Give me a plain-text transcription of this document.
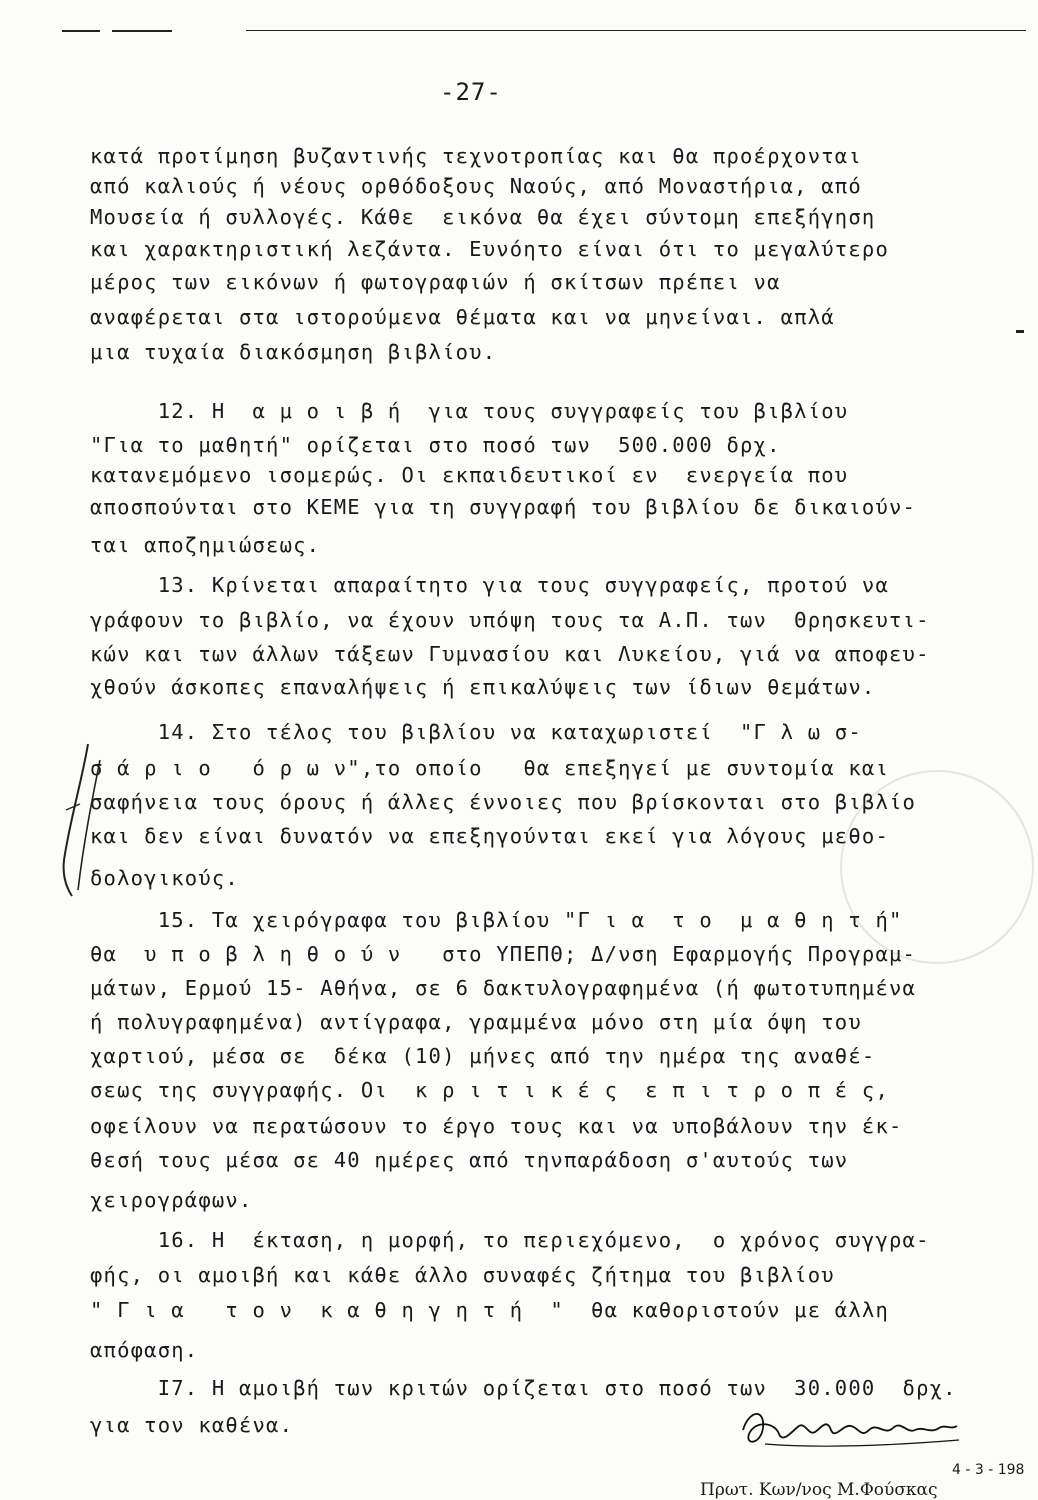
-27-
κατά προτίμηση βυζαντινής τεχνοτροπίας και θα προέρχονται
από καλιούς ή νέους ορθόδοξους Ναούς, από Μοναστήρια, από
Μουσεία ή συλλογές. Κάθε  εικόνα θα έχει σύντομη επεξήγηση
και χαρακτηριστική λεζάντα. Ευνόητο είναι ότι το μεγαλύτερο
μέρος των εικόνων ή φωτογραφιών ή σκίτσων πρέπει να
αναφέρεται στα ιστορούμενα θέματα και να μηνείναι. απλά
μια τυχαία διακόσμηση βιβλίου.
12. Η  α μ ο ι β ή  για τους συγγραφείς του βιβλίου
"Για το μαθητή" ορίζεται στο ποσό των  500.000 δρχ.
κατανεμόμενο ισομερώς. Οι εκπαιδευτικοί εν  ενεργεία που
αποσπούνται στο ΚΕΜΕ για τη συγγραφή του βιβλίου δε δικαιούν-
ται αποζημιώσεως.
13. Κρίνεται απαραίτητο για τους συγγραφείς, προτού να
γράφουν το βιβλίο, να έχουν υπόψη τους τα Α.Π. των  Θρησκευτι-
κών και των άλλων τάξεων Γυμνασίου και Λυκείου, γιά να αποφευ-
χθούν άσκοπες επαναλήψεις ή επικαλύψεις των ίδιων θεμάτων.
14. Στο τέλος του βιβλίου να καταχωριστεί  "Γ λ ω σ-
σ ά ρ ι ο   ό ρ ω ν",το οποίο   θα επεξηγεί με συντομία και
σαφήνεια τους όρους ή άλλες έννοιες που βρίσκονται στο βιβλίο
και δεν είναι δυνατόν να επεξηγούνται εκεί για λόγους μεθο-
δολογικούς.
15. Τα χειρόγραφα του βιβλίου "Γ ι α  τ ο  μ α θ η τ ή"
θα  υ π ο β λ η θ ο ύ ν   στο ΥΠΕΠΘ; Δ/νση Εφαρμογής Προγραμ-
μάτων, Ερμού 15- Αθήνα, σε 6 δακτυλογραφημένα (ή φωτοτυπημένα
ή πολυγραφημένα) αντίγραφα, γραμμένα μόνο στη μία όψη του
χαρτιού, μέσα σε  δέκα (10) μήνες από την ημέρα της αναθέ-
σεως της συγγραφής. Οι  κ ρ ι τ ι κ έ ς  ε π ι τ ρ ο π έ ς,
οφείλουν να περατώσουν το έργο τους και να υποβάλουν την έκ-
θεσή τους μέσα σε 40 ημέρες από τηνπαράδοση σ'αυτούς των
χειρογράφων.
16. Η  έκταση, η μορφή, το περιεχόμενο,  ο χρόνος συγγρα-
φής, οι αμοιβή και κάθε άλλο συναφές ζήτημα του βιβλίου
" Γ ι α   τ ο ν  κ α θ η γ η τ ή  "  θα καθοριστούν με άλλη
απόφαση.
Ι7. Η αμοιβή των κριτών ορίζεται στο ποσό των  30.000  δρχ.
για τον καθένα.
4 - 3 - 198
Πρωτ. Κων/νος Μ.Φούσκας
